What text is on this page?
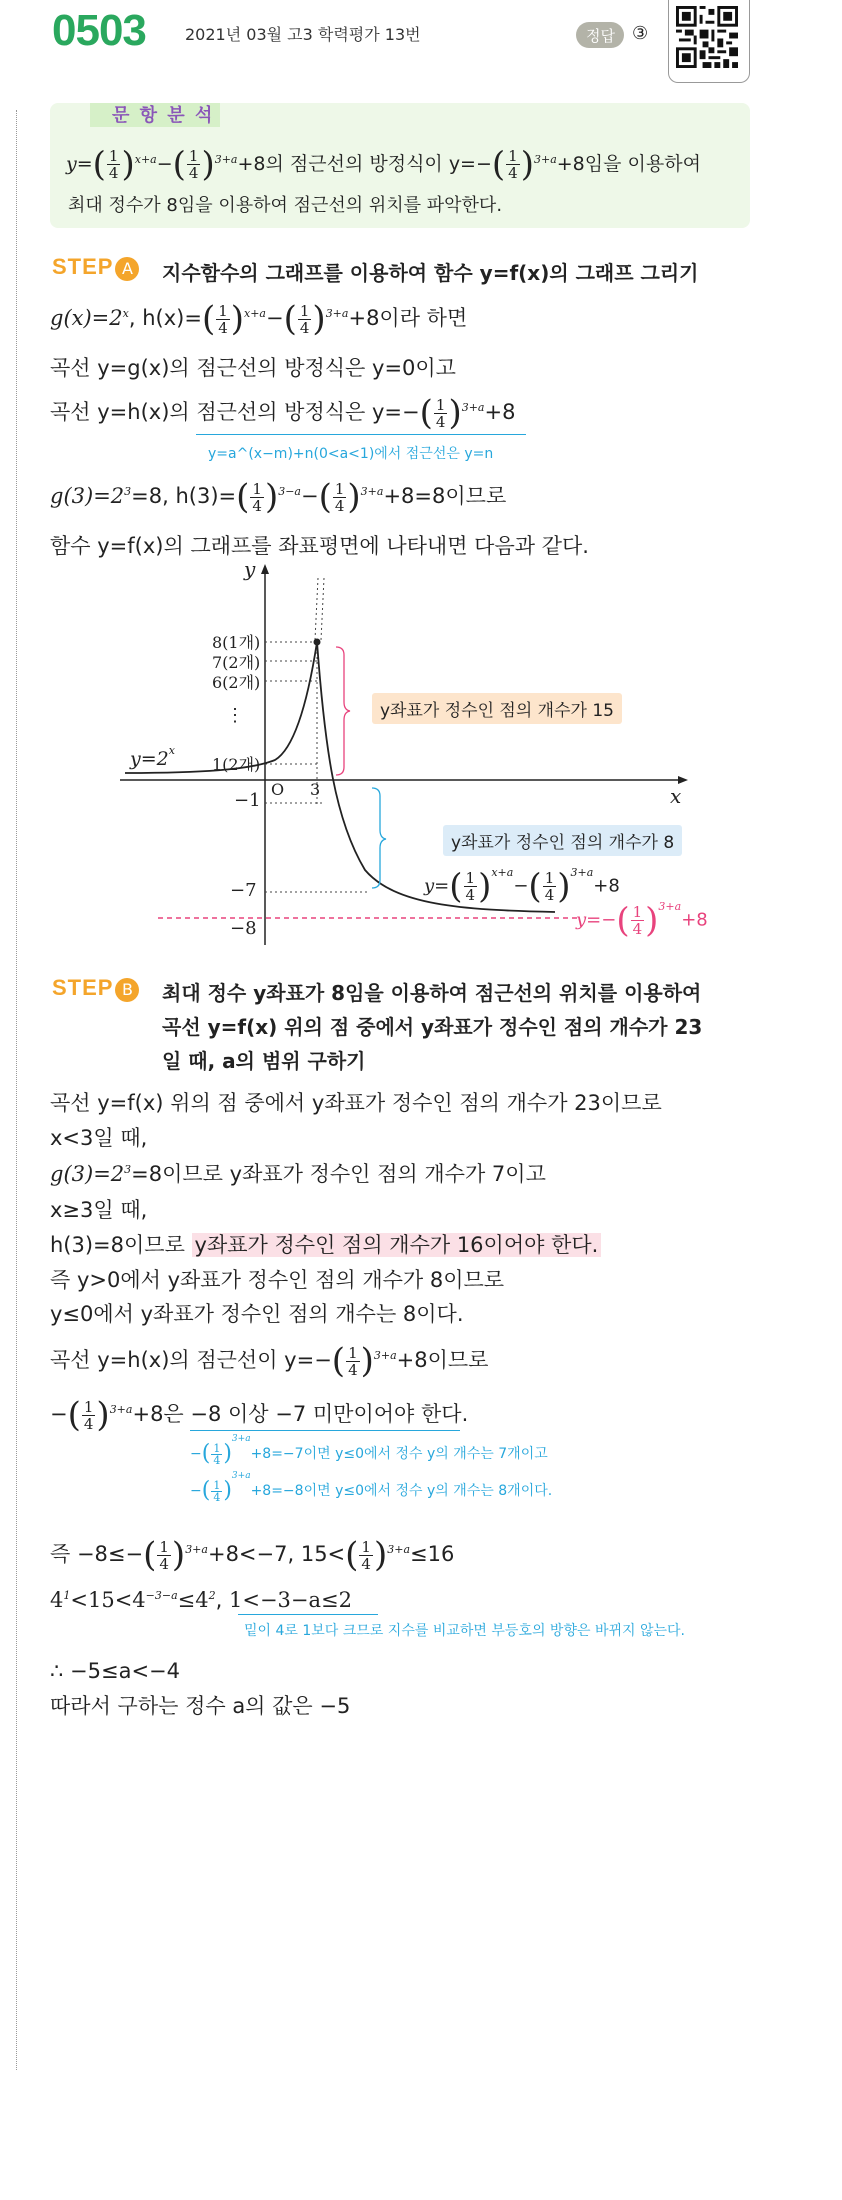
0503 2021년 03월 고3 학력평가 13번	정답 ③
문 항 분 석
$y=( \frac{1}{4} )^{x+a}-( \frac{1}{4} )^{3+a}+8$의 점근선의 방정식이 $y=-( \frac{1}{4} )^{3+a}+8$임을 이용하여
최대 정수가 8임을 이용하여 점근선의 위치를 파악한다.
STEP A	지수함수의 그래프를 이용하여 함수 y=f(x)의 그래프 그리기
$g(x)=2^x$, $h(x)=( \frac{1}{4} )^{x+a}-( \frac{1}{4} )^{3+a}+8$이라 하면
곡선 y=g(x)의 점근선의 방정식은 y=0이고
곡선 y=h(x)의 점근선의 방정식은 $y=-( \frac{1}{4} )^{3+a}+8$
y=a^(x−m)+n(0<a<1)에서 점근선은 y=n
$g(3)=2^3=8$, $h(3)=( \frac{1}{4} )^{3-a}-( \frac{1}{4} )^{3+a}+8=8$이므로
함수 y=f(x)의 그래프를 좌표평면에 나타내면 다음과 같다.
y
x
O 3
8(1개)
7(2개)
6(2개)
⋮
1(2개)
−1
−7
−8
$y=2^x$
y좌표가 정수인 점의 개수가 15
y좌표가 정수인 점의 개수가 8
$y=( \frac{1}{4} )^{x+a}-( \frac{1}{4} )^{3+a}+8$
$y=-( \frac{1}{4} )^{3+a}+8$
STEP B	최대 정수 y좌표가 8임을 이용하여 점근선의 위치를 이용하여
곡선 y=f(x) 위의 점 중에서 y좌표가 정수인 점의 개수가 23
일 때, a의 범위 구하기
곡선 y=f(x) 위의 점 중에서 y좌표가 정수인 점의 개수가 23이므로
x<3일 때,
$g(3)=2^3=8$이므로 y좌표가 정수인 점의 개수가 7이고
x≥3일 때,
h(3)=8이므로 y좌표가 정수인 점의 개수가 16이어야 한다.
즉 y>0에서 y좌표가 정수인 점의 개수가 8이므로
y≤0에서 y좌표가 정수인 점의 개수는 8이다.
곡선 y=h(x)의 점근선이 $y=-( \frac{1}{4} )^{3+a}+8$이므로
−( $\frac{1}{4} )^{3+a}+8$은 −8 이상 −7 미만이어야 한다.
−( $\frac{1}{4} )^{3+a}+8=-7$이면 y≤0에서 정수 y의 개수는 7개이고
−( $\frac{1}{4} )^{3+a}+8=-8$이면 y≤0에서 정수 y의 개수는 8개이다.
즉 $-8\le-( \frac{1}{4} )^{3+a}+8<-7$, $15<( \frac{1}{4} )^{3+a}\le 16$
$4^1<15<4^{-3-a}\le 4^2$, 1<−3−a≤2
밑이 4로 1보다 크므로 지수를 비교하면 부등호의 방향은 바뀌지 않는다.
∴ −5≤a<−4
따라서 구하는 정수 a의 값은 −5
